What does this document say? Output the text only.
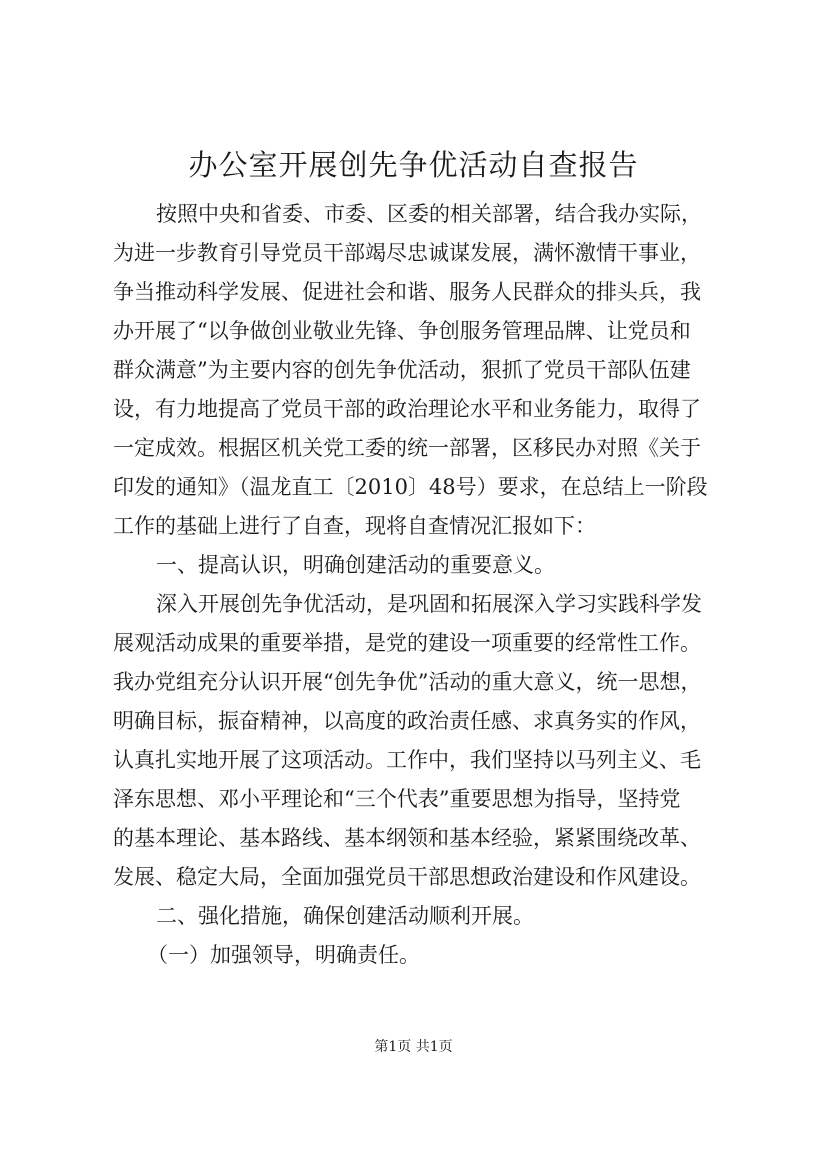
办公室开展创先争优活动自查报告

按照中央和省委、市委、区委的相关部署，结合我办实际，

为进一步教育引导党员干部竭尽忠诚谋发展，满怀激情干事业，

争当推动科学发展、促进社会和谐、服务人民群众的排头兵，我

办开展了“以争做创业敬业先锋、争创服务管理品牌、让党员和

群众满意”为主要内容的创先争优活动，狠抓了党员干部队伍建

设，有力地提高了党员干部的政治理论水平和业务能力，取得了

一定成效。根据区机关党工委的统一部署，区移民办对照《关于

印发的通知》（温龙直工〔2010〕48号）要求，在总结上一阶段

工作的基础上进行了自查，现将自查情况汇报如下：

一、提高认识，明确创建活动的重要意义。

深入开展创先争优活动，是巩固和拓展深入学习实践科学发

展观活动成果的重要举措，是党的建设一项重要的经常性工作。

我办党组充分认识开展“创先争优”活动的重大意义，统一思想，

明确目标，振奋精神，以高度的政治责任感、求真务实的作风，

认真扎实地开展了这项活动。工作中，我们坚持以马列主义、毛

泽东思想、邓小平理论和“三个代表”重要思想为指导，坚持党

的基本理论、基本路线、基本纲领和基本经验，紧紧围绕改革、

发展、稳定大局，全面加强党员干部思想政治建设和作风建设。

二、强化措施，确保创建活动顺利开展。

（一）加强领导，明确责任。

第1页 共1页
